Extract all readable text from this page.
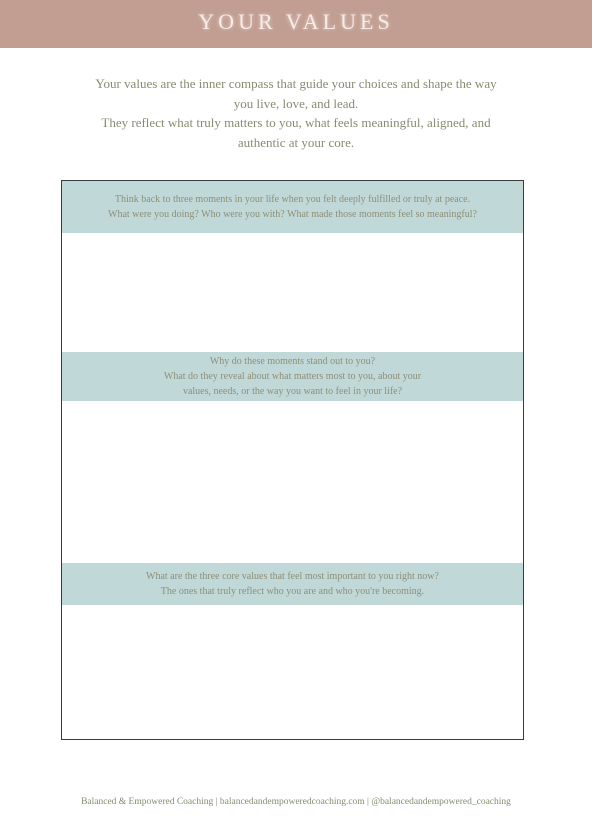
YOUR VALUES

Your values are the inner compass that guide your choices and shape the way

you live, love, and lead.

They reflect what truly matters to you, what feels meaningful, aligned, and

authentic at your core.

Think back to three moments in your life when you felt deeply fulfilled or truly at peace.
What were you doing? Who were you with? What made those moments feel so meaningful?
Why do these moments stand out to you?
What do they reveal about what matters most to you, about your
values, needs, or the way you want to feel in your life?
What are the three core values that feel most important to you right now?
The ones that truly reflect who you are and who you're becoming.
Balanced & Empowered Coaching | balancedandempoweredcoaching.com | @balancedandempowered_coaching
